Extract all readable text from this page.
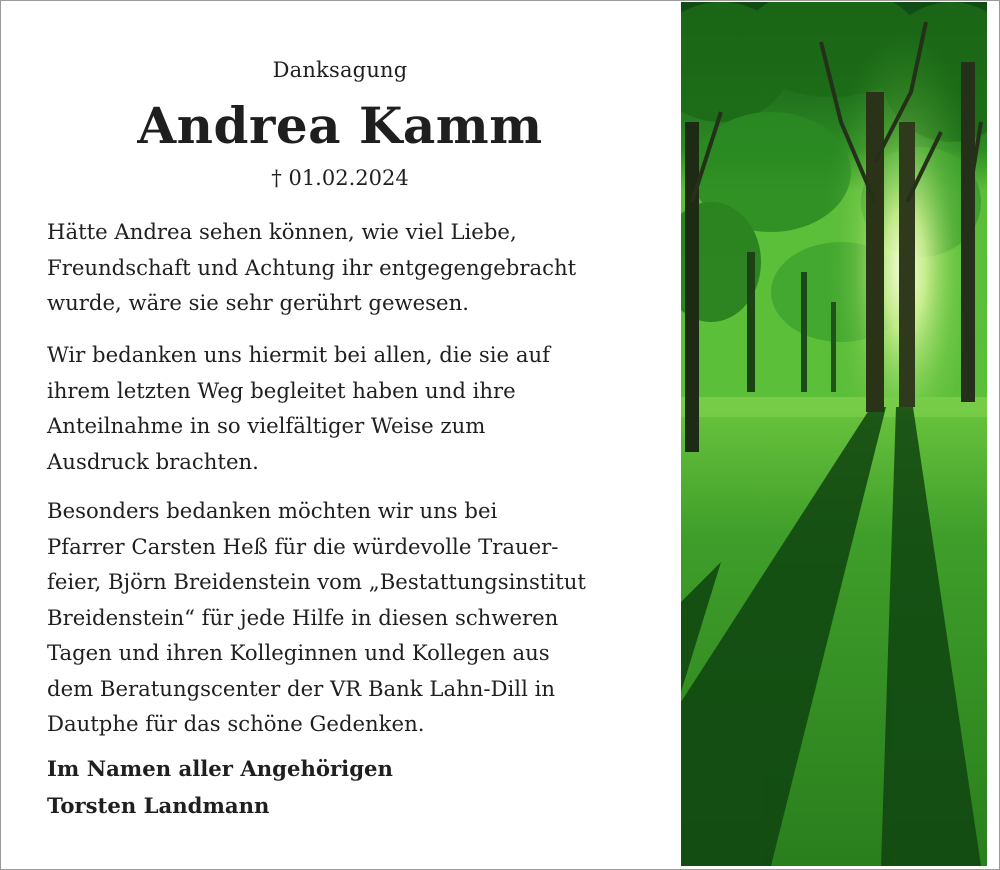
Danksagung
Andrea Kamm
† 01.02.2024

Hätte Andrea sehen können, wie viel Liebe,
Freundschaft und Achtung ihr entgegengebracht
wurde, wäre sie sehr gerührt gewesen.

Wir bedanken uns hiermit bei allen, die sie auf
ihrem letzten Weg begleitet haben und ihre
Anteilnahme in so vielfältiger Weise zum
Ausdruck brachten.

Besonders bedanken möchten wir uns bei
Pfarrer Carsten Heß für die würdevolle Trauer-
feier, Björn Breidenstein vom „Bestattungsinstitut
Breidenstein“ für jede Hilfe in diesen schweren
Tagen und ihren Kolleginnen und Kollegen aus
dem Beratungscenter der VR Bank Lahn-Dill in
Dautphe für das schöne Gedenken.

Im Namen aller Angehörigen
Torsten Landmann
